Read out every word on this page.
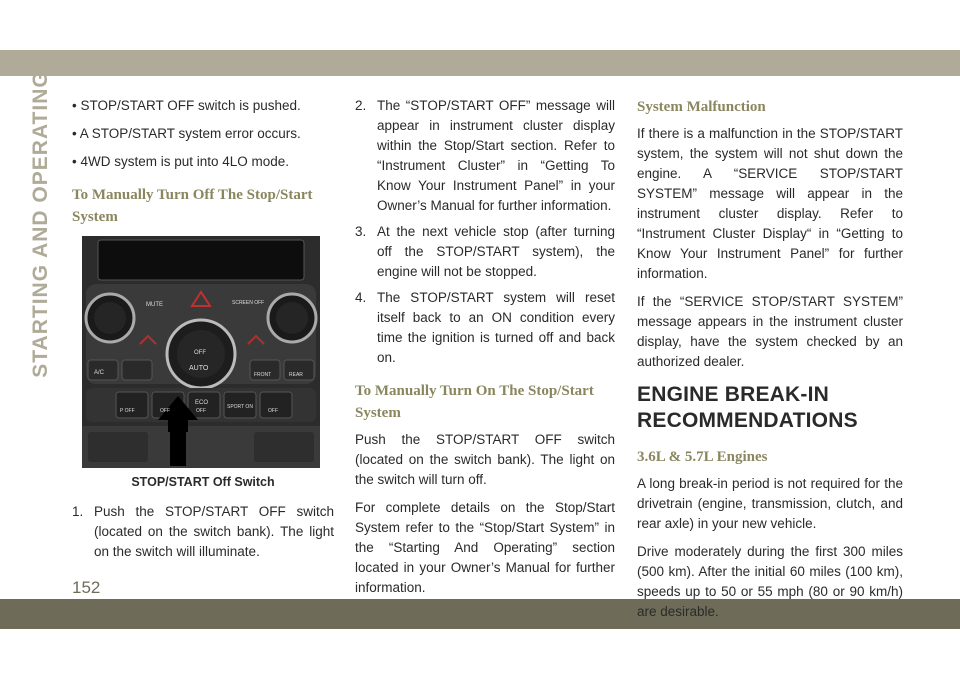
STARTING AND OPERATING • STOP/START OFF switch is pushed.
• A STOP/START system error occurs.
• 4WD system is put into 4LO mode.
To Manually Turn Off The Stop/Start System
MUTE	SCREEN OFF
OFF
AUTO
A/C	FRONT	REAR
P OFF	OFF
ECO
OFF
SPORT ON
OFF
STOP/START Off Switch
1. Push the STOP/START OFF switch (located on the switch bank). The light on the switch will illuminate.
2. The “STOP/START OFF” message will appear in instrument cluster display within the Stop/Start section. Refer to “Instrument Cluster” in “Getting To Know Your Instrument Panel” in your Owner’s Manual for further information.
3. At the next vehicle stop (after turning off the STOP/START system), the engine will not be stopped.
4. The STOP/START system will reset itself back to an ON condition every time the ignition is turned off and back on.
To Manually Turn On The Stop/Start System

Push the STOP/START OFF switch (located on the switch bank). The light on the switch will turn off.

For complete details on the Stop/Start System refer to the “Stop/Start System” in the “Starting And Operating” section located in your Owner’s Manual for further information.

System Malfunction

If there is a malfunction in the STOP/START system, the system will not shut down the engine. A “SERVICE STOP/START SYSTEM” message will appear in the instrument cluster display. Refer to “Instrument Cluster Display“ in “Getting to Know Your Instrument Panel” for further information.

If the “SERVICE STOP/START SYSTEM” message appears in the instrument cluster display, have the system checked by an authorized dealer.

ENGINE BREAK-IN RECOMMENDATIONS
3.6L & 5.7L Engines

A long break-in period is not required for the drivetrain (engine, transmission, clutch, and rear axle) in your new vehicle.

Drive moderately during the first 300 miles (500 km). After the initial 60 miles (100 km), speeds up to 50 or 55 mph (80 or 90 km/h) are desirable.

152
